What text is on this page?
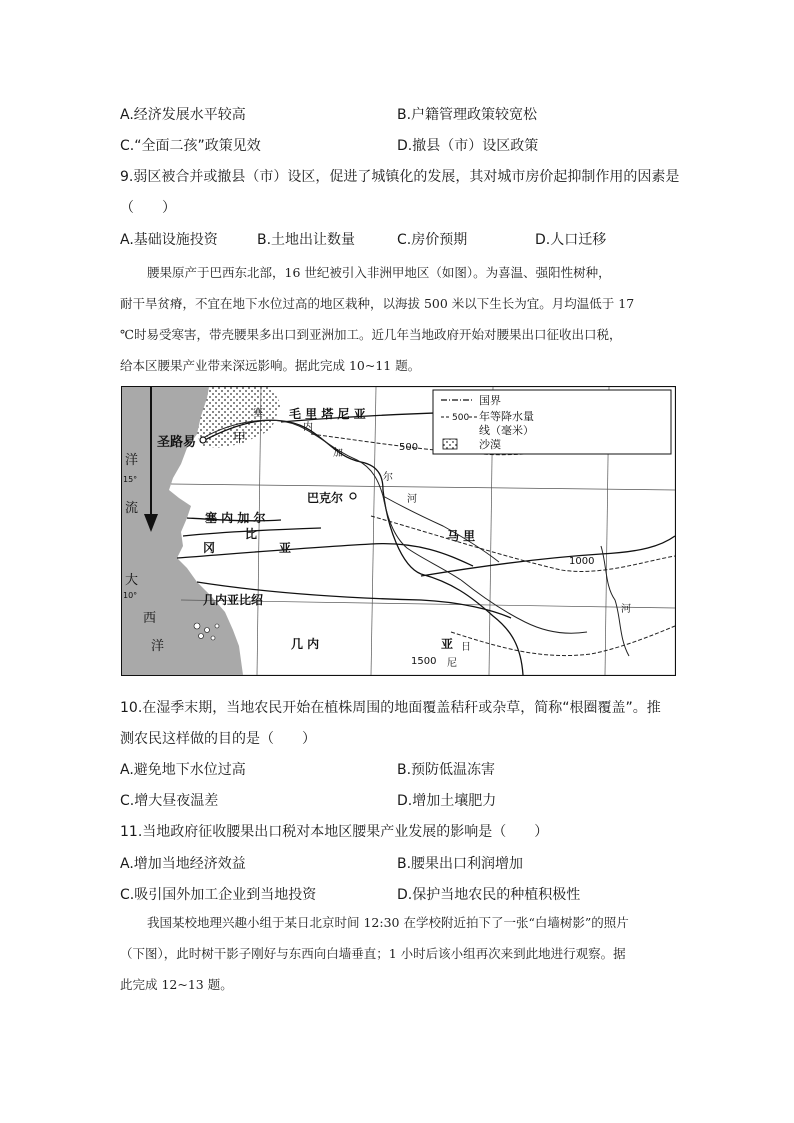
A.经济发展水平较高	B.户籍管理政策较宽松
C.“全面二孩”政策见效	D.撤县（市）设区政策
9.弱区被合并或撤县（市）设区，促进了城镇化的发展，其对城市房价起抑制作用的因素是
（　　）
A.基础设施投资	B.土地出让数量	C.房价预期	D.人口迁移
腰果原产于巴西东北部，16 世纪被引入非洲甲地区（如图）。为喜温、强阳性树种，
耐干旱贫瘠，不宜在地下水位过高的地区栽种，以海拔 500 米以下生长为宜。月均温低于 17
℃时易受寒害，带壳腰果多出口到亚洲加工。近几年当地政府开始对腰果出口征收出口税，
给本区腰果产业带来深远影响。据此完成 10~11 题。
国界
500 年等降水量
线（毫米）
沙漠
毛 里 塔 尼 亚
圣路易	甲
巴克尔
塞 内 加 尔
马 里
冈
比
亚
几内亚比绍
几 内	亚
洋
流
大
西
洋
塞
内
加
尔
河
河
日
尼
500
1000
1500
15°
10°
10.在湿季末期，当地农民开始在植株周围的地面覆盖秸秆或杂草，简称“根圈覆盖”。推
测农民这样做的目的是（　　）
A.避免地下水位过高	B.预防低温冻害
C.增大昼夜温差	D.增加土壤肥力
11.当地政府征收腰果出口税对本地区腰果产业发展的影响是（　　）
A.增加当地经济效益	B.腰果出口利润增加
C.吸引国外加工企业到当地投资	D.保护当地农民的种植积极性
我国某校地理兴趣小组于某日北京时间 12:30 在学校附近拍下了一张“白墙树影”的照片
（下图），此时树干影子刚好与东西向白墙垂直；1 小时后该小组再次来到此地进行观察。据
此完成 12~13 题。
